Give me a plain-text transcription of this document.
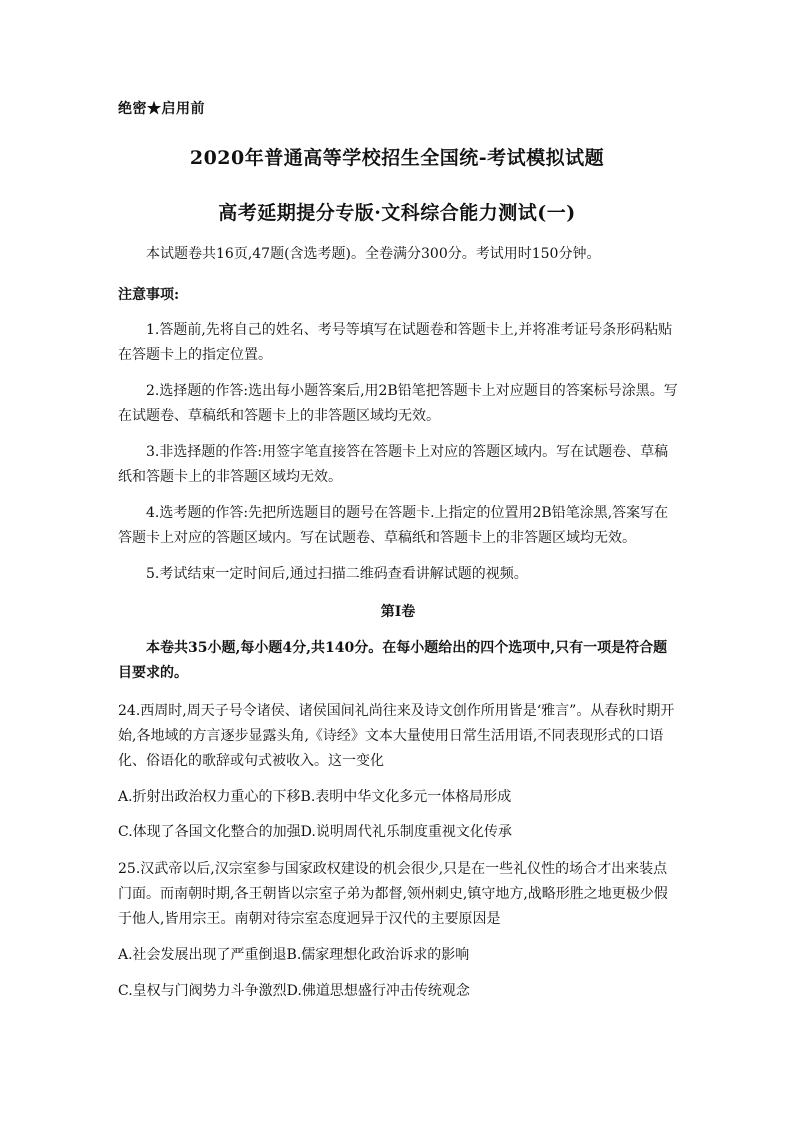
绝密★启用前
2020年普通高等学校招生全国统-考试模拟试题
高考延期提分专版·文科综合能力测试(一)

本试题卷共16页,47题(含选考题)。全卷满分300分。考试用时150分钟。

注意事项:

1.答题前,先将自己的姓名、考号等填写在试题卷和答题卡上,并将准考证号条形码粘贴在答题卡上的指定位置。

2.选择题的作答:选出每小题答案后,用2B铅笔把答题卡上对应题目的答案标号涂黑。写在试题卷、草稿纸和答题卡上的非答题区域均无效。

3.非选择题的作答:用签字笔直接答在答题卡上对应的答题区域内。写在试题卷、草稿纸和答题卡上的非答题区域均无效。

4.选考题的作答:先把所选题目的题号在答题卡.上指定的位置用2B铅笔涂黑,答案写在答题卡上对应的答题区域内。写在试题卷、草稿纸和答题卡上的非答题区域均无效。

5.考试结束一定时间后,通过扫描二维码查看讲解试题的视频。

第Ⅰ卷

本卷共35小题,每小题4分,共140分。在每小题给出的四个选项中,只有一项是符合题目要求的。

24.西周时,周天子号令诸侯、诸侯国间礼尚往来及诗文创作所用皆是‘雅言”。从春秋时期开始,各地域的方言逐步显露头角,《诗经》文本大量使用日常生活用语,不同表现形式的口语化、俗语化的歌辞或句式被收入。这一变化

A.折射出政治权力重心的下移B.表明中华文化多元一体格局形成

C.体现了各国文化整合的加强D.说明周代礼乐制度重视文化传承

25.汉武帝以后,汉宗室参与国家政权建设的机会很少,只是在一些礼仪性的场合才出来装点门面。而南朝时期,各王朝皆以宗室子弟为都督,领州刺史,镇守地方,战略形胜之地更极少假于他人,皆用宗王。南朝对待宗室态度迥异于汉代的主要原因是

A.社会发展出现了严重倒退B.儒家理想化政治诉求的影响

C.皇权与门阀势力斗争激烈D.佛道思想盛行冲击传统观念
